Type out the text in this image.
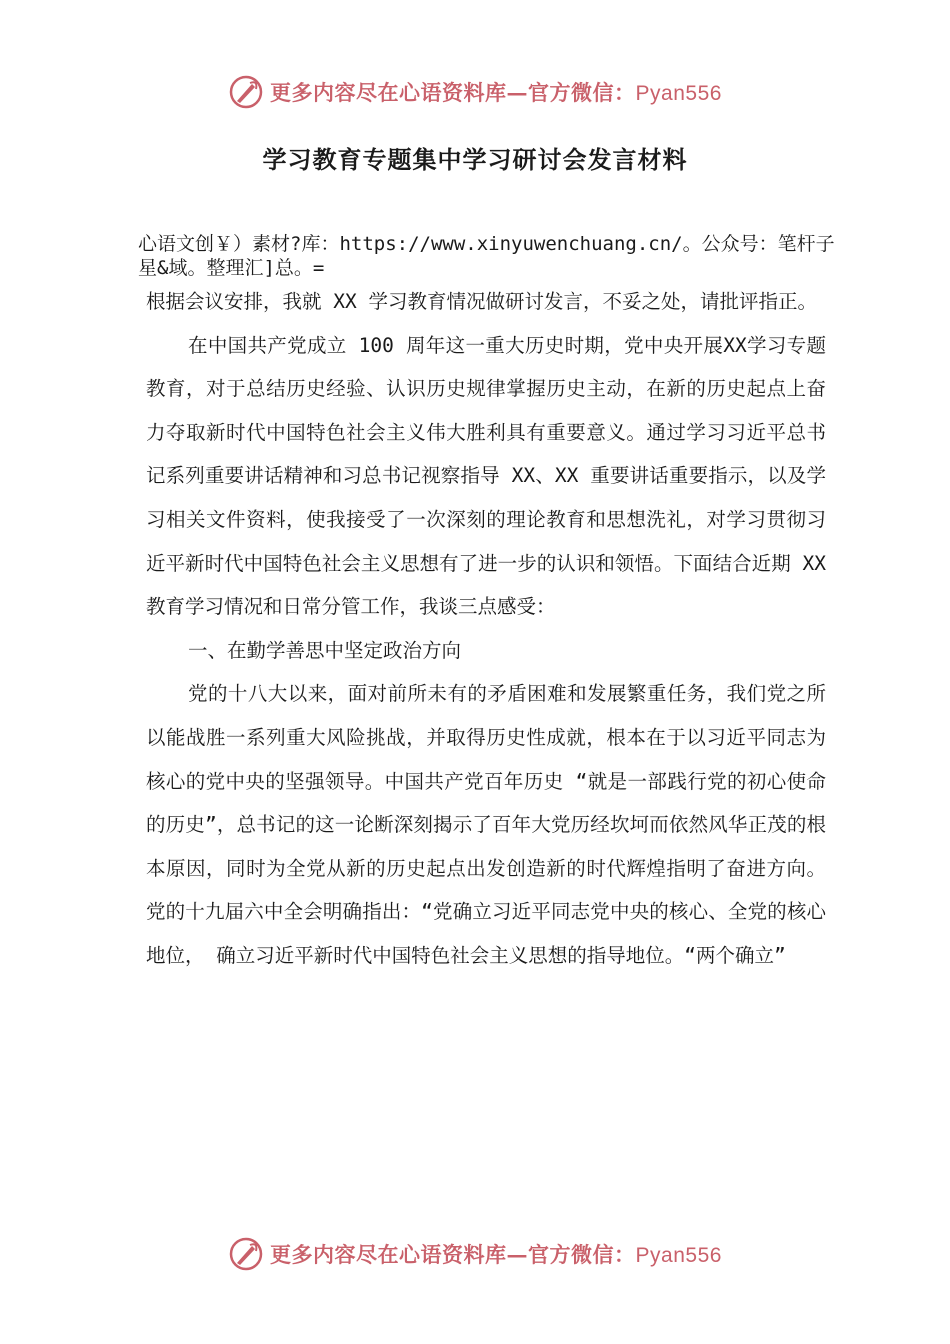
更多内容尽在心语资料库—官方微信：Pyan556
学习教育专题集中学习研讨会发言材料
心语文创￥）素材?库：https://www.xinyuwenchuang.cn/。公众号：笔杆子星&域。整理汇]总。=

根据会议安排，我就 XX 学习教育情况做研讨发言，不妥之处，请批评指正。

在中国共产党成立 100 周年这一重大历史时期，党中央开展XX学习专题教育，对于总结历史经验、认识历史规律掌握历史主动，在新的历史起点上奋力夺取新时代中国特色社会主义伟大胜利具有重要意义。通过学习习近平总书记系列重要讲话精神和习总书记视察指导 XX、XX 重要讲话重要指示，以及学习相关文件资料，使我接受了一次深刻的理论教育和思想洗礼，对学习贯彻习近平新时代中国特色社会主义思想有了进一步的认识和领悟。下面结合近期 XX 教育学习情况和日常分管工作，我谈三点感受：

一、在勤学善思中坚定政治方向

党的十八大以来，面对前所未有的矛盾困难和发展繁重任务，我们党之所以能战胜一系列重大风险挑战，并取得历史性成就，根本在于以习近平同志为核心的党中央的坚强领导。中国共产党百年历史 “就是一部践行党的初心使命的历史”，总书记的这一论断深刻揭示了百年大党历经坎坷而依然风华正茂的根本原因，同时为全党从新的历史起点出发创造新的时代辉煌指明了奋进方向。党的十九届六中全会明确指出：“党确立习近平同志党中央的核心、全党的核心地位， 确立习近平新时代中国特色社会主义思想的指导地位。“两个确立”

更多内容尽在心语资料库—官方微信：Pyan556
